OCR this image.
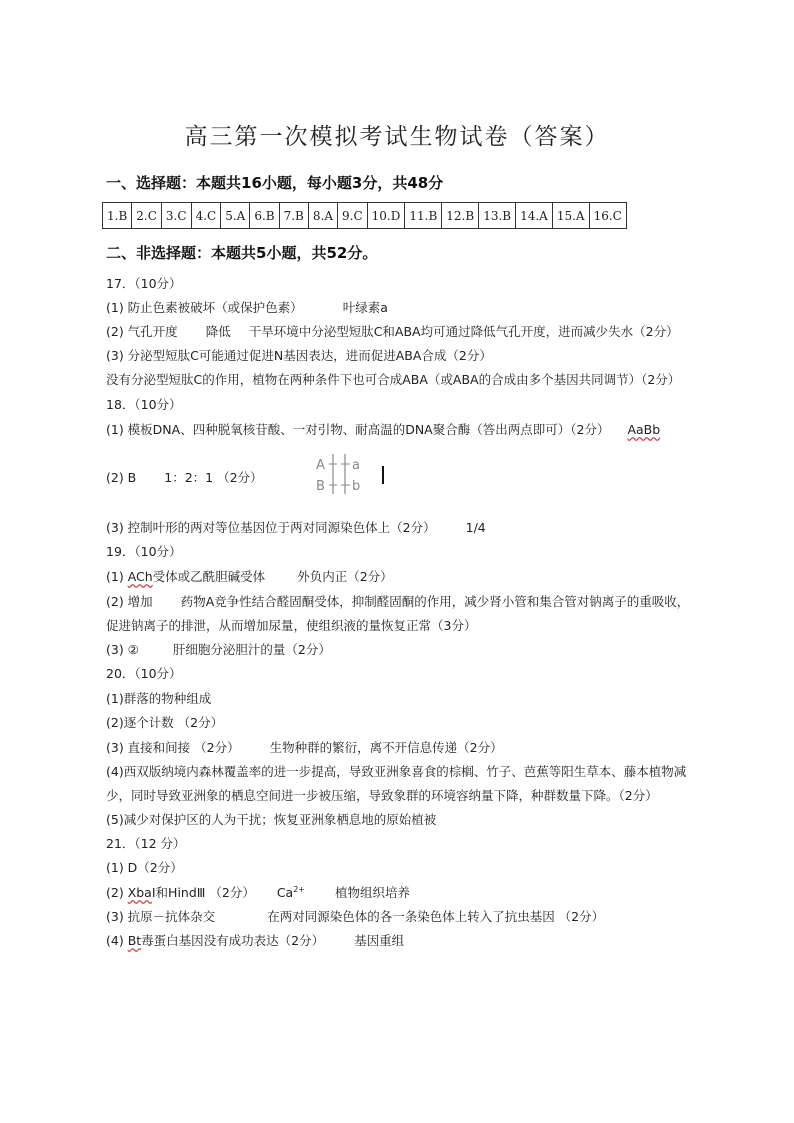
高三第一次模拟考试生物试卷（答案）
一、选择题：本题共16小题，每小题3分，共48分
1.B	2.C	3.C	4.C	5.A	6.B	7.B	8.A	9.C	10.D	11.B	12.B	13.B	14.A	15.A	16.C
二、非选择题：本题共5小题，共52分。
17．（10分）
(1) 防止色素被破坏（或保护色素）	叶绿素a
(2) 气孔开度 降低 干旱环境中分泌型短肽C和ABA均可通过降低气孔开度，进而减少失水（2分）
(3) 分泌型短肽C可能通过促进N基因表达，进而促进ABA合成（2分）
没有分泌型短肽C的作用，植物在两种条件下也可合成ABA（或ABA的合成由多个基因共同调节）（2分）
18．（10分）
(1) 模板DNA、四种脱氧核苷酸、一对引物、耐高温的DNA聚合酶（答出两点即可）（2分） AaBb
(2) B 1：2：1 （2分）
A a
B b
(3) 控制叶形的两对等位基因位于两对同源染色体上（2分） 1/4
19．（10分）
(1) ACh受体或乙酰胆碱受体	外负内正（2分）
(2) 增加 药物A竞争性结合醛固酮受体，抑制醛固酮的作用，减少肾小管和集合管对钠离子的重吸收，
促进钠离子的排泄，从而增加尿量，使组织液的量恢复正常（3分）
(3) ②	肝细胞分泌胆汁的量（2分）
20．（10分）
(1)群落的物种组成
(2)逐个计数 （2分）
(3) 直接和间接 （2分） 生物种群的繁衍，离不开信息传递（2分）
(4)西双版纳境内森林覆盖率的进一步提高，导致亚洲象喜食的棕榈、竹子、芭蕉等阳生草本、藤本植物减
少，同时导致亚洲象的栖息空间进一步被压缩，导致象群的环境容纳量下降，种群数量下降。（2分）
(5)减少对保护区的人为干扰；恢复亚洲象栖息地的原始植被
21．（12 分）
(1) D（2分）
(2) XbaⅠ和HindⅢ （2分） $Ca^{2+}$ 植物组织培养
(3) 抗原－抗体杂交	在两对同源染色体的各一条染色体上转入了抗虫基因 （2分）
(4) Bt毒蛋白基因没有成功表达（2分） 基因重组
